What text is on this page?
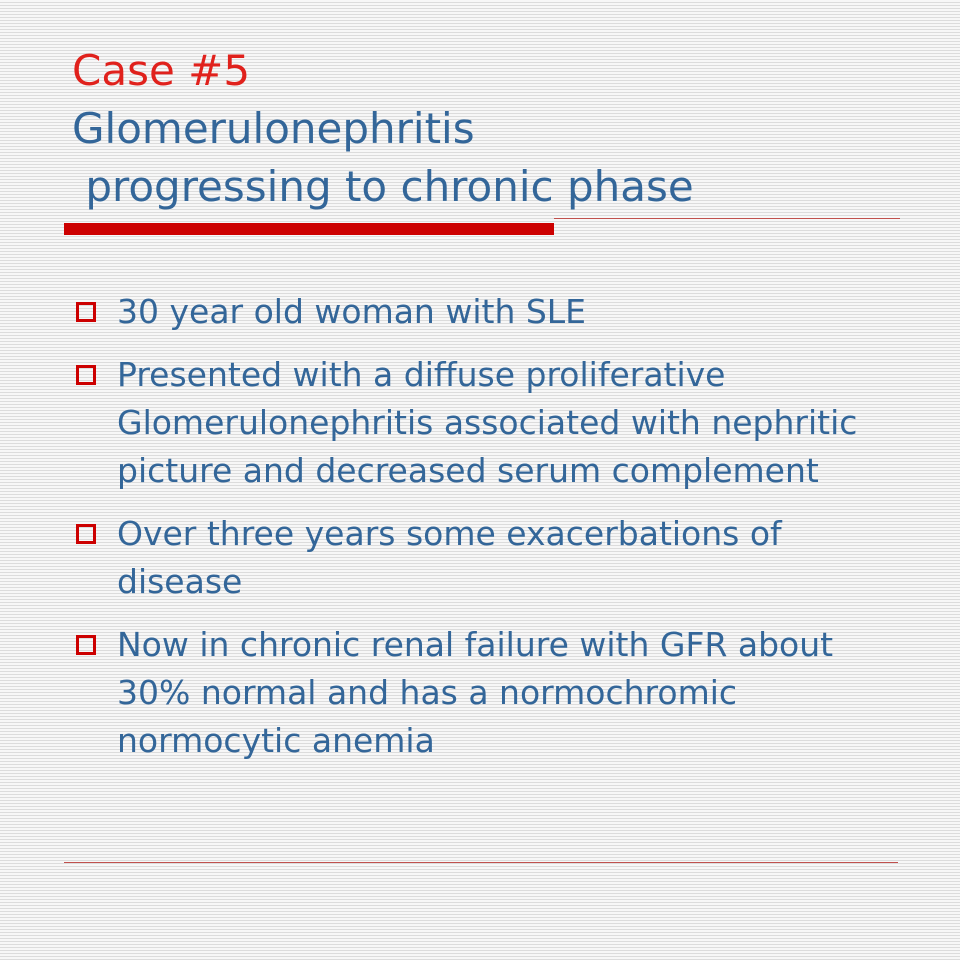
Case #5
Glomerulonephritis
progressing to chronic phase
30 year old woman with SLE
Presented with a diffuse proliferative Glomerulonephritis associated with nephritic picture and decreased serum complement
Over three years some exacerbations of disease
Now in chronic renal failure with GFR about 30% normal and has a normochromic normocytic anemia
